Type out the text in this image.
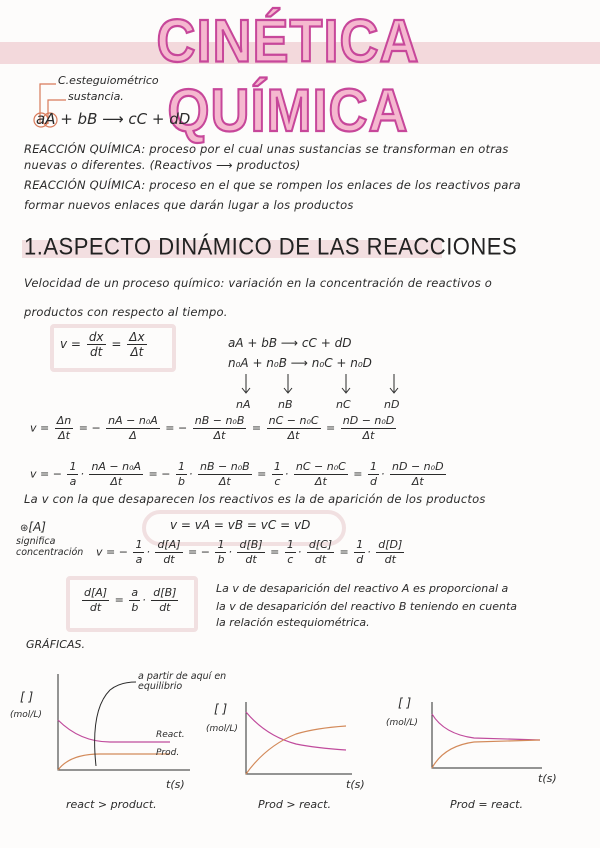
CINÉTICA QUÍMICA
C.esteguiométrico
sustancia.
aA + bB ⟶ cC + dD
REACCIÓN QUÍMICA: proceso por el cual unas sustancias se transforman en otras
nuevas o diferentes. (Reactivos ⟶ productos)
REACCIÓN QUÍMICA: proceso en el que se rompen los enlaces de los reactivos para
formar nuevos enlaces que darán lugar a los productos
1.ASPECTO DINÁMICO DE LAS REACCIONES
Velocidad de un proceso químico: variación en la concentración de reactivos o
productos con respecto al tiempo.
$v = \frac{dx}{dt} = \frac{\Delta x}{\Delta t}$	aA + bB ⟶ cC + dD
n₀A + n₀B ⟶ n₀C + n₀D
nA	nB	nC	nD
$v = \frac{\Delta n}{\Delta t}$ = − $\frac{\text{nA − n₀A}}{\Delta}$ = − $\frac{\text{nB − n₀B}}{\Delta t} = \frac{\text{nC − n₀C}}{\Delta t} = \frac{\text{nD − n₀D}}{\Delta t}$
v = − $\frac{1}{a} \cdot \frac{\text{nA − n₀A}}{\Delta t}$ = − $\frac{1}{b} \cdot \frac{\text{nB − n₀B}}{\Delta t} = \frac{1}{c} \cdot \frac{\text{nC − n₀C}}{\Delta t} = \frac{1}{d} \cdot \frac{\text{nD − n₀D}}{\Delta t}$
La v con la que desaparecen los reactivos es la de aparición de los productos
v = vA = vB = vC = vD
⊛[A]
significa concentración	v = − $\frac{1}{a} \cdot \frac{d[A]}{dt}$ = − $\frac{1}{b} \cdot \frac{d[B]}{dt} = \frac{1}{c} \cdot \frac{d[C]}{dt} = \frac{1}{d} \cdot \frac{d[D]}{dt}$
$\frac{d[A]}{dt} = \frac{a}{b} \cdot \frac{d[B]}{dt}$	La v de desaparición del reactivo A es proporcional a
la v de desaparición del reactivo B teniendo en cuenta
la relación estequiométrica.
GRÁFICAS.
[ ]
(mol/L)
a partir de aquí en equilibrio
React.
Prod.
t(s)
react > product.
[ ]
(mol/L)
t(s)
Prod > react.
[ ]
(mol/L)
t(s)
Prod = react.
